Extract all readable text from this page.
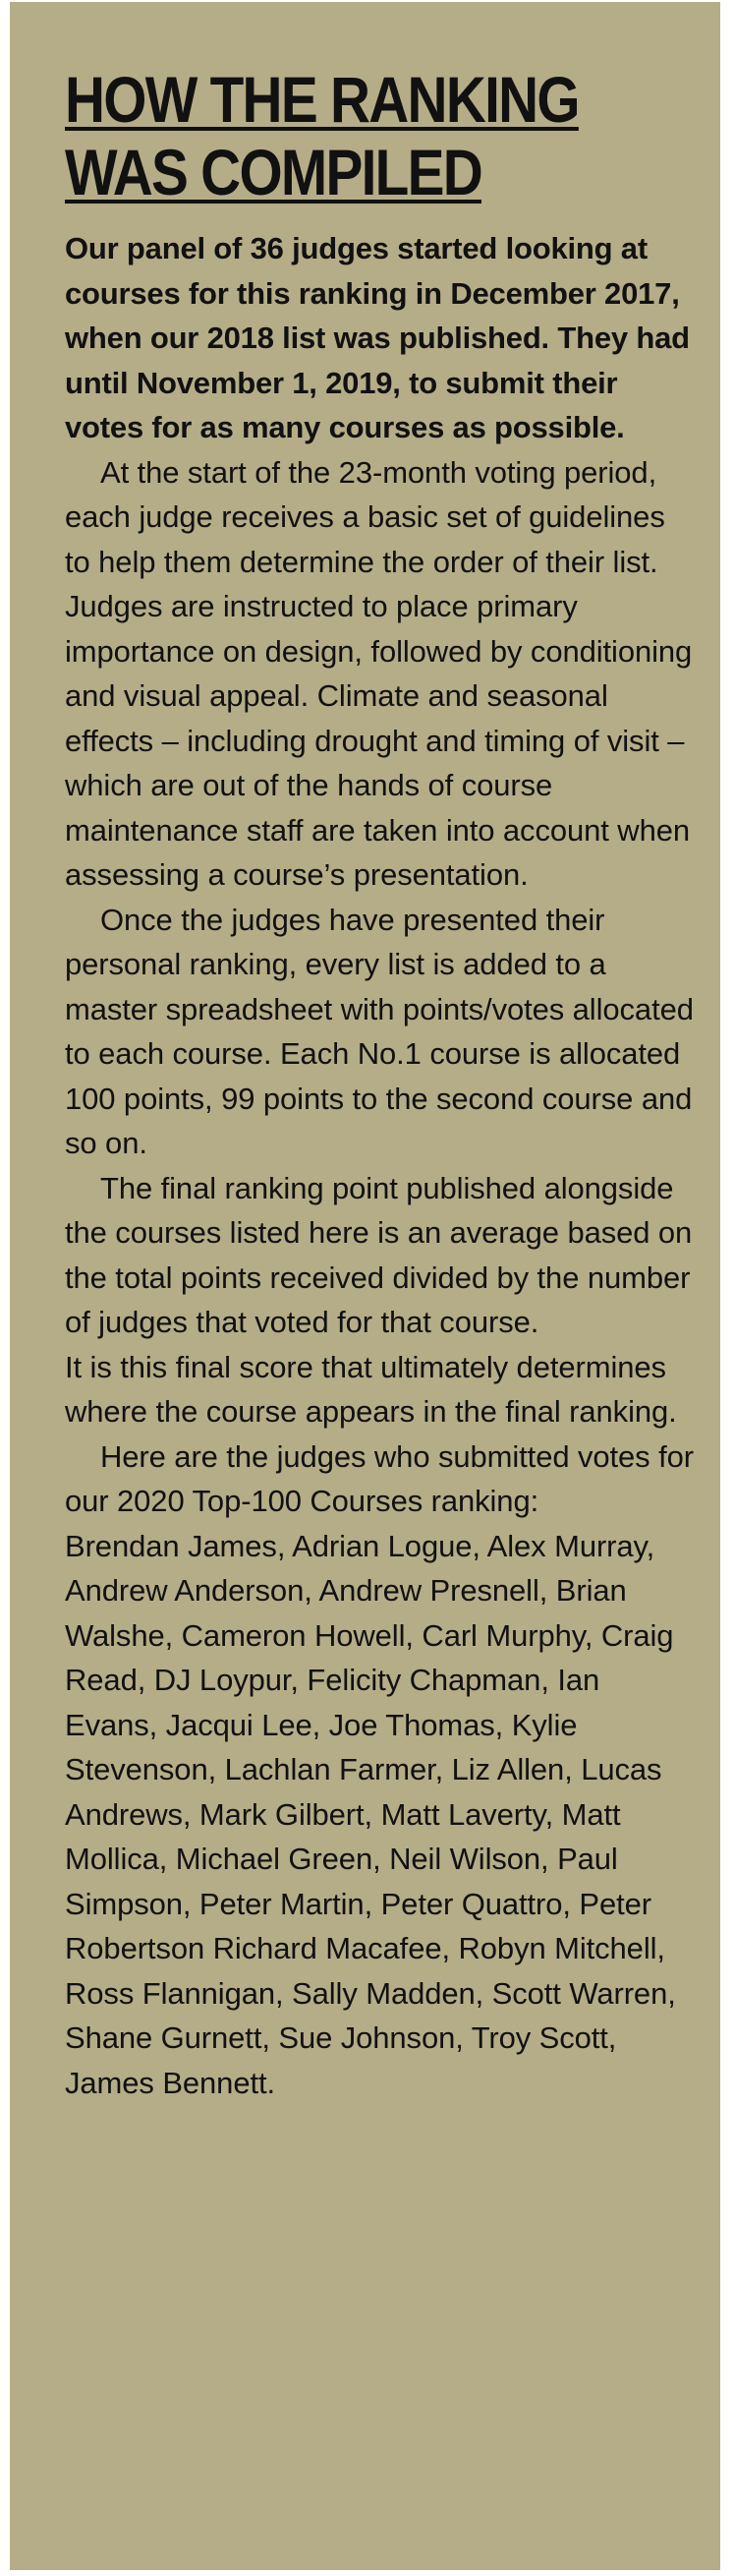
HOW THE RANKING
WAS COMPILED

Our panel of 36 judges started looking at courses for this ranking in December 2017, when our 2018 list was published. They had until November 1, 2019, to submit their votes for as many courses as possible.

At the start of the 23-month voting period, each judge receives a basic set of guidelines to help them determine the order of their list. Judges are instructed to place primary importance on design, followed by conditioning and visual appeal. Climate and seasonal effects – including drought and timing of visit – which are out of the hands of course maintenance staff are taken into account when assessing a course’s presentation.

Once the judges have presented their personal ranking, every list is added to a master spreadsheet with points/votes allocated to each course. Each No.1 course is allocated 100 points, 99 points to the second course and so on.

The final ranking point published alongside the courses listed here is an average based on the total points received divided by the number of judges that voted for that course.

It is this final score that ultimately determines where the course appears in the final ranking.

Here are the judges who submitted votes for our 2020 Top-100 Courses ranking:

Brendan James, Adrian Logue, Alex Murray, Andrew Anderson, Andrew Presnell, Brian Walshe, Cameron Howell, Carl Murphy, Craig Read, DJ Loypur, Felicity Chapman, Ian Evans, Jacqui Lee, Joe Thomas, Kylie Stevenson, Lachlan Farmer, Liz Allen, Lucas Andrews, Mark Gilbert, Matt Laverty, Matt Mollica, Michael Green, Neil Wilson, Paul Simpson, Peter Martin, Peter Quattro, Peter Robertson Richard Macafee, Robyn Mitchell, Ross Flannigan, Sally Madden, Scott Warren, Shane Gurnett, Sue Johnson, Troy Scott, James Bennett.
